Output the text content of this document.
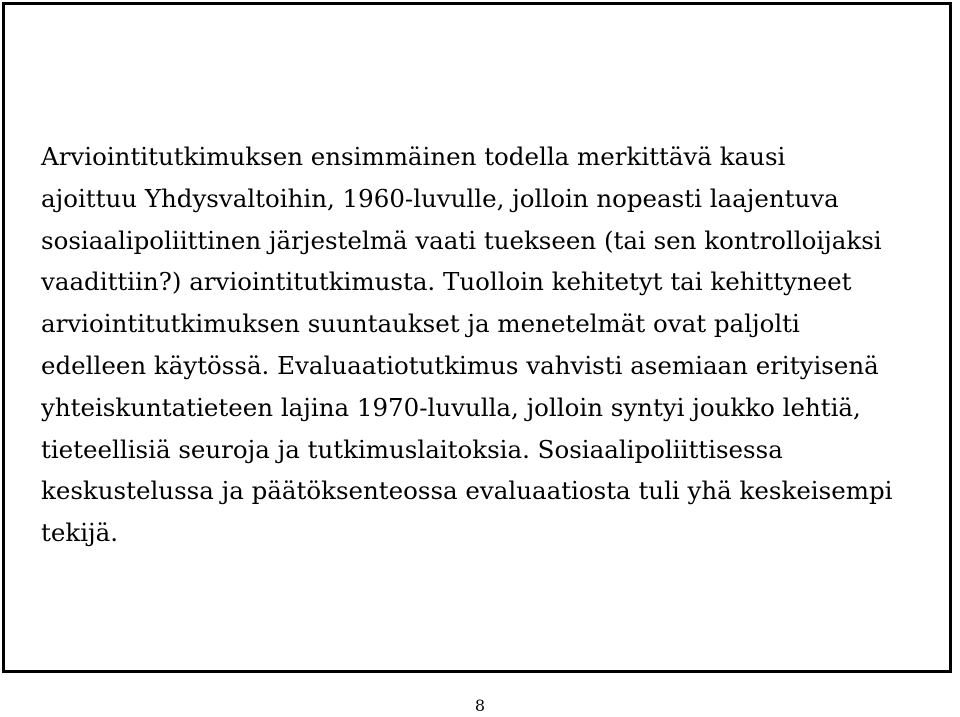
Arviointitutkimuksen ensimmäinen todella merkittävä kausi
ajoittuu Yhdysvaltoihin, 1960-luvulle, jolloin nopeasti laajentuva
sosiaalipoliittinen järjestelmä vaati tuekseen (tai sen kontrolloijaksi
vaadittiin?) arviointitutkimusta. Tuolloin kehitetyt tai kehittyneet
arviointitutkimuksen suuntaukset ja menetelmät ovat paljolti
edelleen käytössä. Evaluaatiotutkimus vahvisti asemiaan erityisenä
yhteiskuntatieteen lajina 1970-luvulla, jolloin syntyi joukko lehtiä,
tieteellisiä seuroja ja tutkimuslaitoksia. Sosiaalipoliittisessa
keskustelussa ja päätöksenteossa evaluaatiosta tuli yhä keskeisempi
tekijä.

8
